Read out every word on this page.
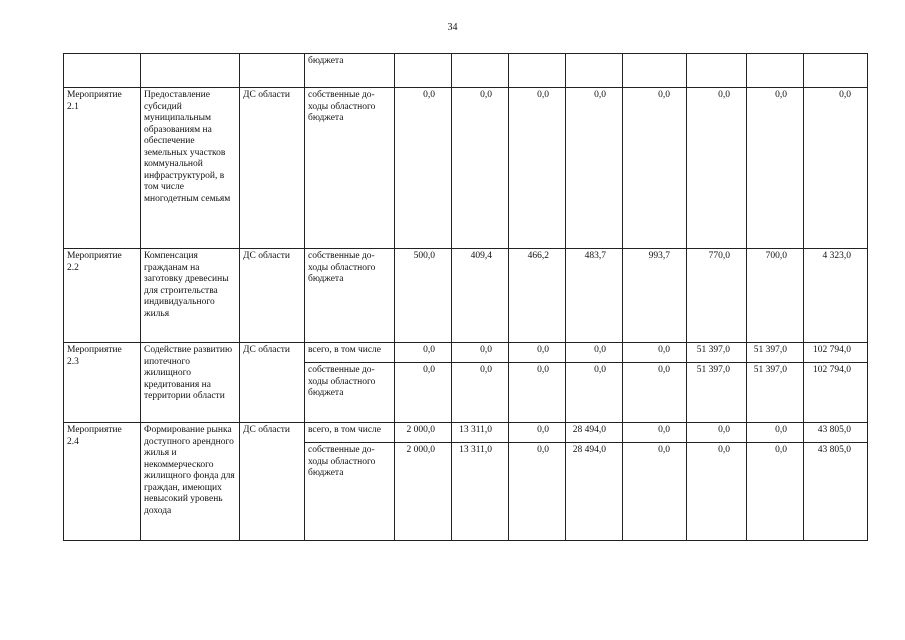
34
			бюджета								
Мероприятие
2.1	Предоставление субсидий муниципальным образованиям на обеспечение земельных участков коммунальной инфраструктурой, в том числе многодетным семьям	ДС области	собственные до-
ходы областного
бюджета	0,0	0,0	0,0	0,0	0,0	0,0	0,0	0,0
Мероприятие
2.2	Компенсация гражданам на заготовку древесины для строительства индивидуального жилья	ДС области	собственные до-
ходы областного
бюджета	500,0	409,4	466,2	483,7	993,7	770,0	700,0	4 323,0
Мероприятие
2.3	Содействие развитию ипотечного жилищного кредитования на территории области	ДС области	всего, в том числе	0,0	0,0	0,0	0,0	0,0	51 397,0	51 397,0	102 794,0
			собственные до-
ходы областного
бюджета	0,0	0,0	0,0	0,0	0,0	51 397,0	51 397,0	102 794,0
Мероприятие
2.4	Формирование рынка доступного арендного жилья и некоммерческого жилищного фонда для граждан, имеющих невысокий уровень дохода	ДС области	всего, в том числе	2 000,0	13 311,0	0,0	28 494,0	0,0	0,0	0,0	43 805,0
			собственные до-
ходы областного
бюджета	2 000,0	13 311,0	0,0	28 494,0	0,0	0,0	0,0	43 805,0
